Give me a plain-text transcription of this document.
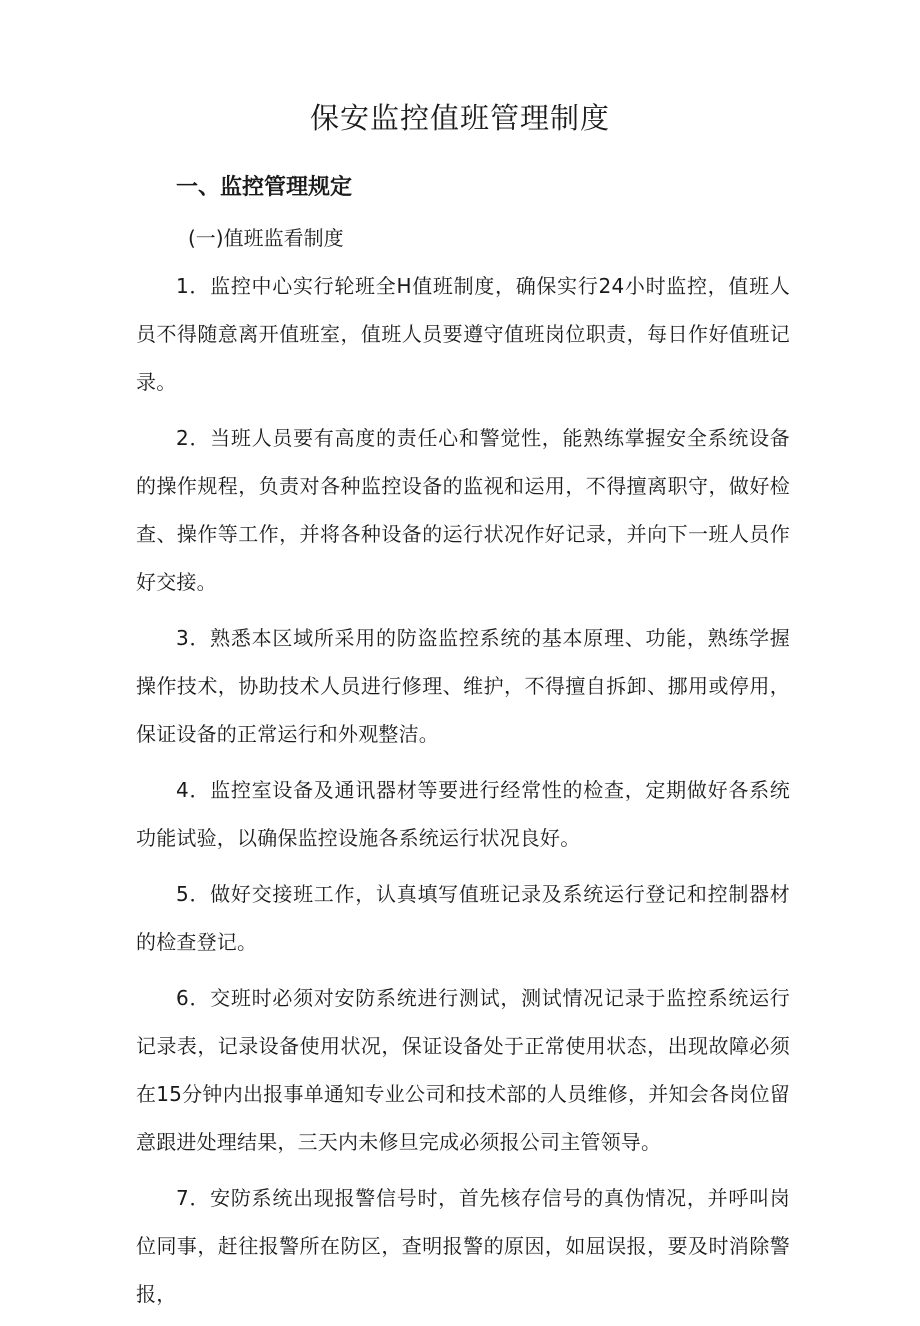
保安监控值班管理制度
一、监控管理规定
(一)值班监看制度

1．监控中心实行轮班全H值班制度，确保实行24小时监控，值班人员不得随意离开值班室，值班人员要遵守值班岗位职责，每日作好值班记录。

2．当班人员要有高度的责任心和警觉性，能熟练掌握安全系统设备的操作规程，负责对各种监控设备的监视和运用，不得擅离职守，做好检查、操作等工作，并将各种设备的运行状况作好记录，并向下一班人员作好交接。

3．熟悉本区域所采用的防盗监控系统的基本原理、功能，熟练学握操作技术，协助技术人员进行修理、维护，不得擅自拆卸、挪用或停用，保证设备的正常运行和外观整洁。

4．监控室设备及通讯器材等要进行经常性的检查，定期做好各系统功能试验，以确保监控设施各系统运行状况良好。

5．做好交接班工作，认真填写值班记录及系统运行登记和控制器材的检查登记。

6．交班时必须对安防系统进行测试，测试情况记录于监控系统运行记录表，记录设备使用状况，保证设备处于正常使用状态，出现故障必须在15分钟内出报事单通知专业公司和技术部的人员维修，并知会各岗位留意跟进处理结果，三天内未修旦完成必须报公司主管领导。

7．安防系统出现报警信号时，首先核存信号的真伪情况，并呼叫岗位同事，赶往报警所在防区，查明报警的原因，如屈误报，要及时消除警报，
